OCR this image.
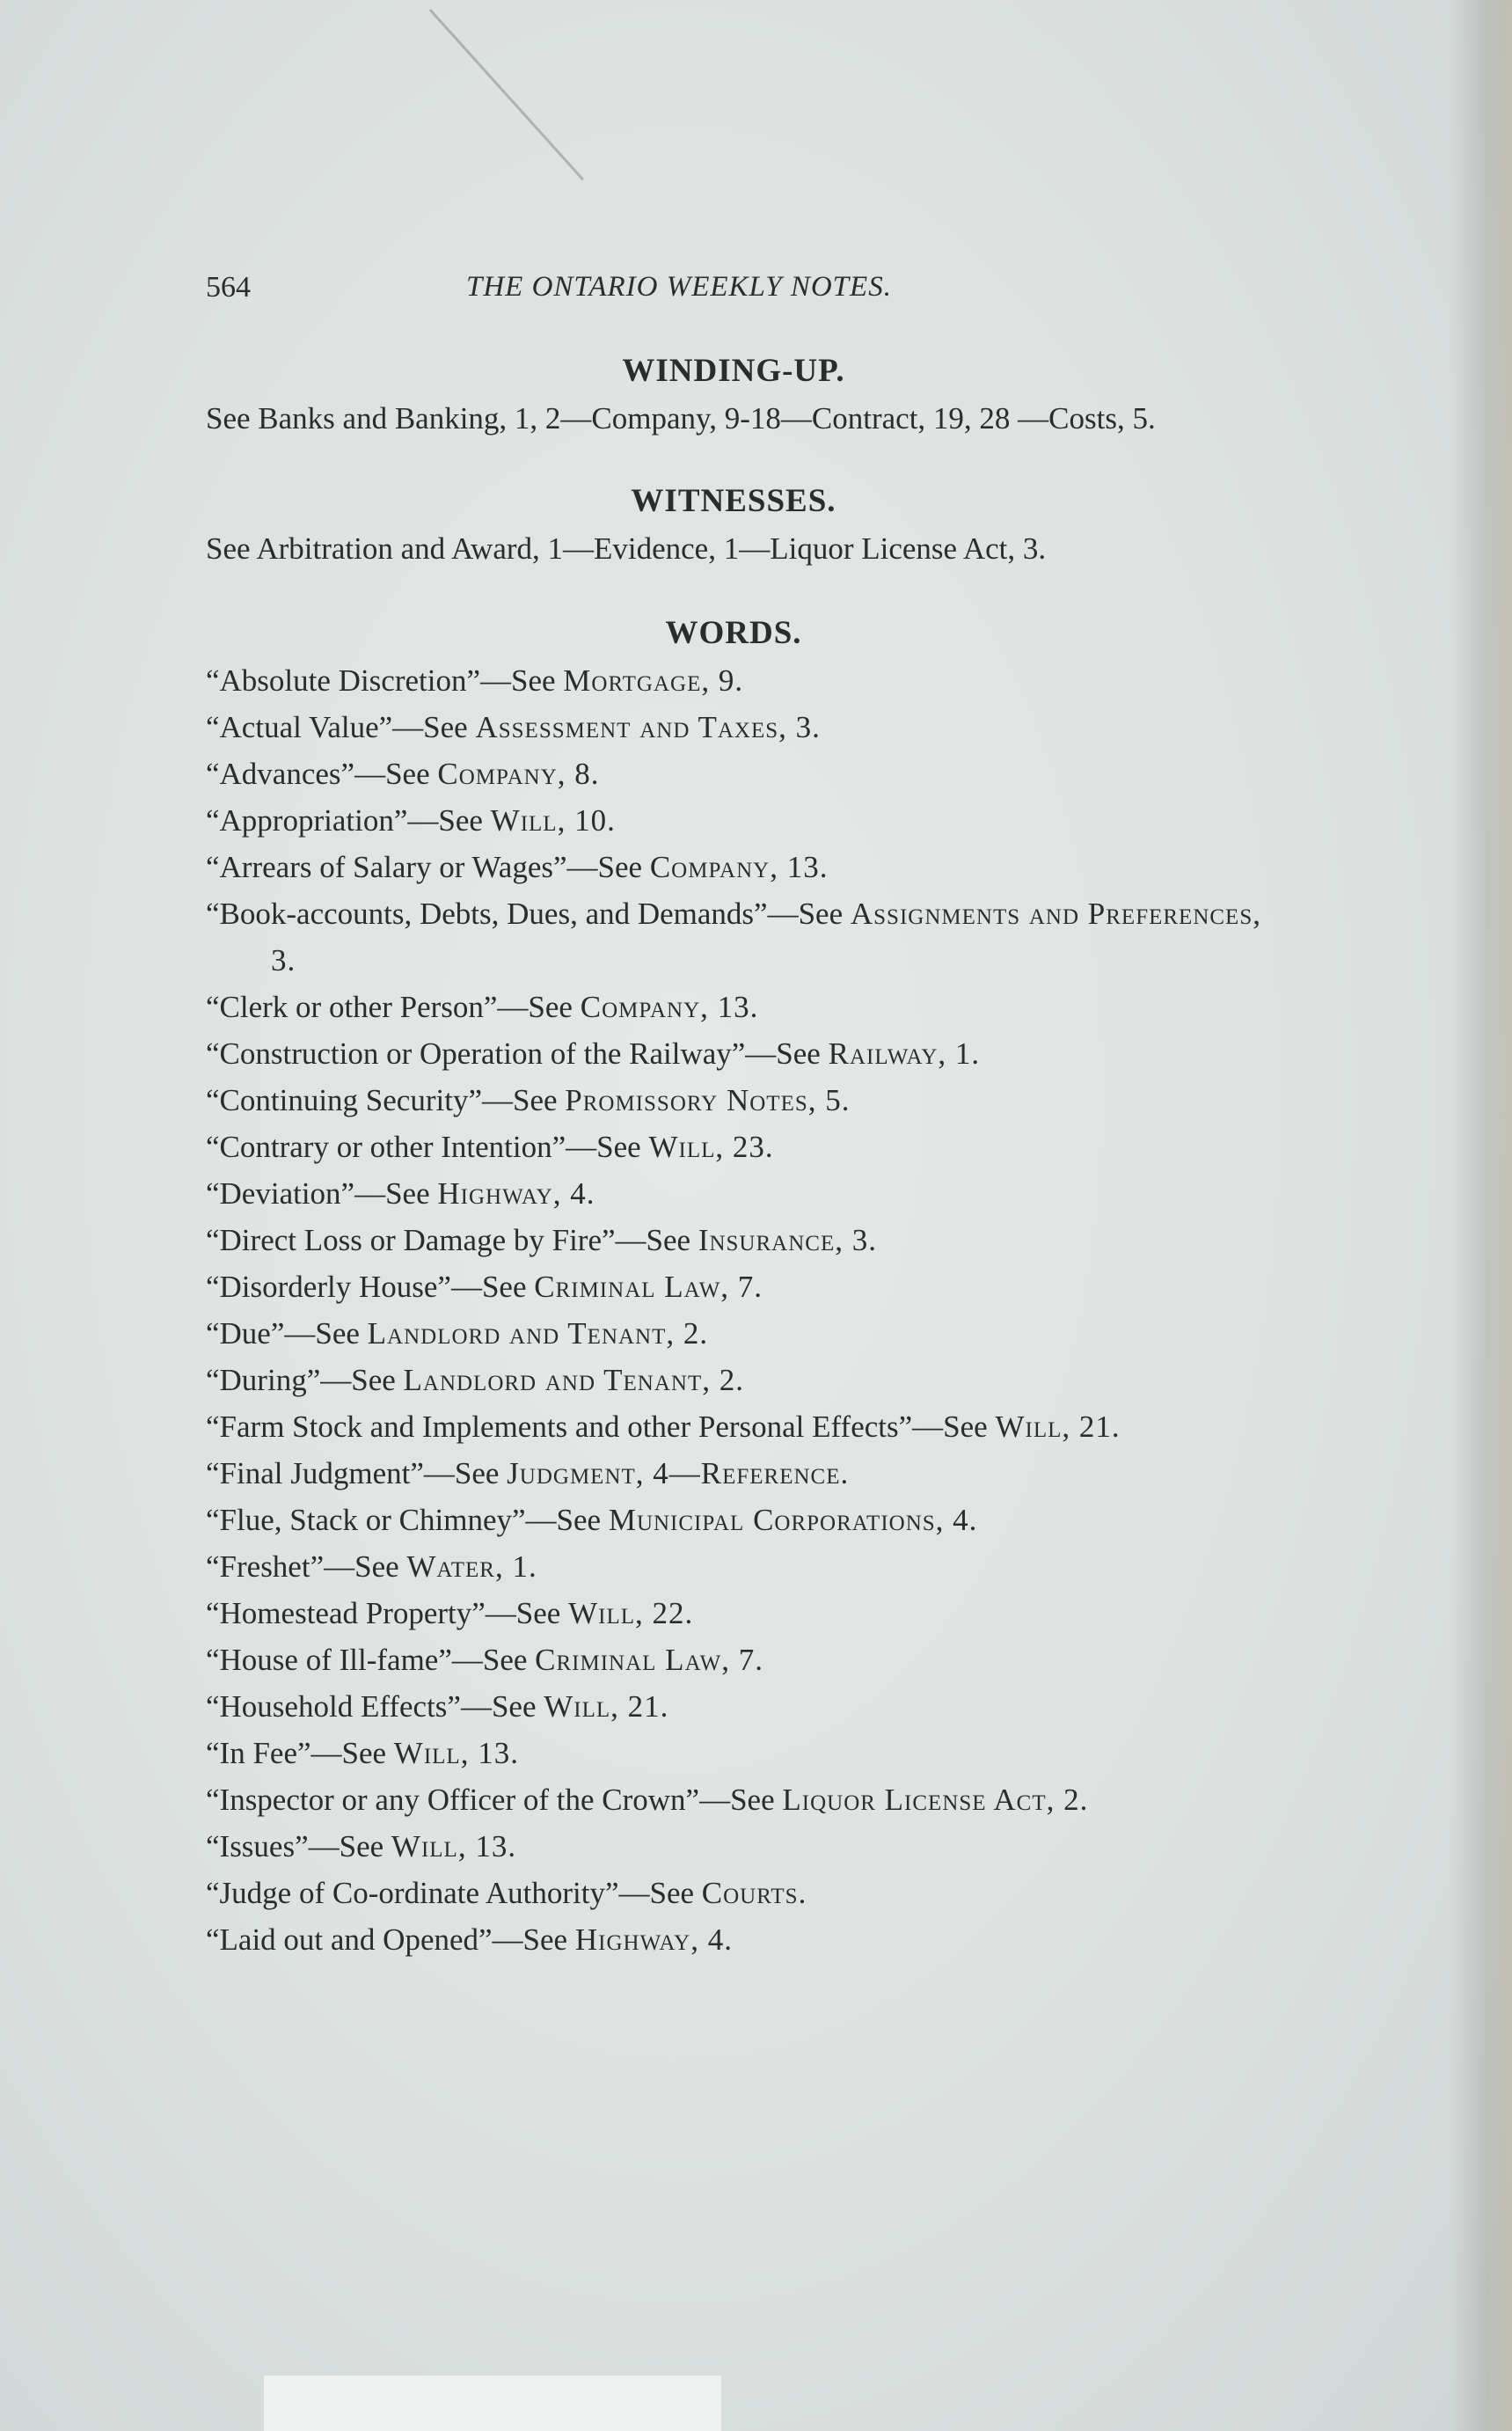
564	THE ONTARIO WEEKLY NOTES.
WINDING-UP.

See Banks and Banking, 1, 2—Company, 9-18—Contract, 19, 28 —Costs, 5.

WITNESSES.

See Arbitration and Award, 1—Evidence, 1—Liquor License Act, 3.

WORDS.

“Absolute Discretion”—See Mortgage, 9.

“Actual Value”—See Assessment and Taxes, 3.

“Advances”—See Company, 8.

“Appropriation”—See Will, 10.

“Arrears of Salary or Wages”—See Company, 13.

“Book-accounts, Debts, Dues, and Demands”—See Assignments and Preferences, 3.

“Clerk or other Person”—See Company, 13.

“Construction or Operation of the Railway”—See Railway, 1.

“Continuing Security”—See Promissory Notes, 5.

“Contrary or other Intention”—See Will, 23.

“Deviation”—See Highway, 4.

“Direct Loss or Damage by Fire”—See Insurance, 3.

“Disorderly House”—See Criminal Law, 7.

“Due”—See Landlord and Tenant, 2.

“During”—See Landlord and Tenant, 2.

“Farm Stock and Implements and other Personal Effects”—See Will, 21.

“Final Judgment”—See Judgment, 4—Reference.

“Flue, Stack or Chimney”—See Municipal Corporations, 4.

“Freshet”—See Water, 1.

“Homestead Property”—See Will, 22.

“House of Ill-fame”—See Criminal Law, 7.

“Household Effects”—See Will, 21.

“In Fee”—See Will, 13.

“Inspector or any Officer of the Crown”—See Liquor License Act, 2.

“Issues”—See Will, 13.

“Judge of Co-ordinate Authority”—See Courts.

“Laid out and Opened”—See Highway, 4.
